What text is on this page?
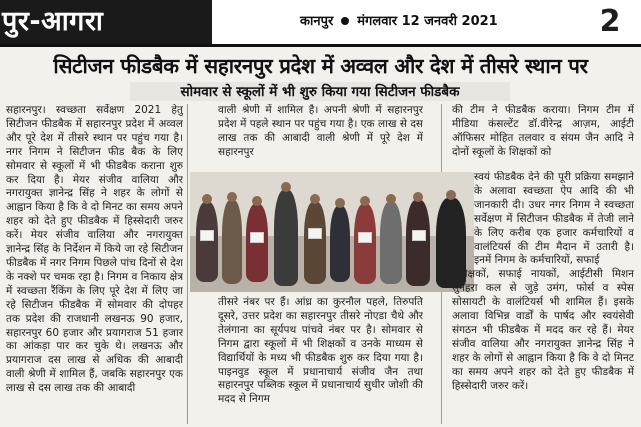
पुर-आगरा	कानपुर मंगलवार 12 जनवरी 2021	2
सिटीजन फीडबैक में सहारनपुर प्रदेश में अव्वल और देश में तीसरे स्थान पर
सोमवार से स्कूलों में भी शुरु किया गया सिटीजन फीडबैक

सहारनपुर। स्वच्छता सर्वेक्षण 2021 हेतु सिटीजन फीडबैक में सहारनपुर प्रदेश में अव्वल और पूरे देश में तीसरे स्थान पर पहुंच गया है। नगर निगम ने सिटीजन फीड बैक के लिए सोमवार से स्कूलों में भी फीडबैक कराना शुरु कर दिया है। मेयर संजीव वालिया और नगरायुक्त ज्ञानेन्द्र सिंह ने शहर के लोगों से आह्वान किया है कि वे दो मिनट का समय अपने शहर को देते हुए फीडबैक में हिस्सेदारी जरुर करें। मेयर संजीव वालिया और नगरायुक्त ज्ञानेन्द्र सिंह के निर्देशन में किये जा रहे सिटीजन फीडबैक में नगर निगम पिछले पांच दिनों से देश के नक्शे पर चमक रहा है। निगम व निकाय क्षेत्र में स्वच्छता रैंकिंग के लिए पूरे देश में लिए जा रहे सिटीजन फीडबैक में सोमवार की दोपहर तक प्रदेश की राजधानी लखनऊ 90 हजार, सहारनपुर 60 हजार और प्रयागराज 51 हजार का आंकड़ा पार कर चुके थे। लखनऊ और प्रयागराज दस लाख से अधिक की आबादी वाली श्रेणी में शामिल हैं, जबकि सहारनपुर एक लाख से दस लाख तक की आबादी

वाली श्रेणी में शामिल है। अपनी श्रेणी में सहारनपुर प्रदेश में पहले स्थान पर पहुंच गया है। एक लाख से दस लाख तक की आबादी वाली श्रेणी में पूरे देश में सहारनपुर

की टीम ने फीडबैक कराया। निगम टीम में मीडिया कंसल्टेंट डॉ.वीरेन्द्र आज़म, आईटी ऑफिसर मोहित तलवार व संयम जैन आदि ने दोनों स्कूलों के शिक्षकों को

तीसरे नंबर पर हैं। आंध्र का कुरनौल पहले, तिरुपति दूसरे, उत्तर प्रदेश का सहारनपुर तीसरे नोएडा चैथे और तेलंगाना का सूर्यपथ पांचवे नंबर पर है। सोमवार से निगम द्वारा स्कूलों में भी शिक्षकों व उनके माध्यम से विद्यार्थियों के मध्य भी फीडबैक शुरु कर दिया गया है। पाइनवुड स्कूल में प्रधानाचार्य संजीव जैन तथा सहारनपुर पब्लिक स्कूल में प्रधानाचार्य सुधीर जोशी की मदद से निगम

स्वयं फीडबैक देने की पूरी प्रक्रिया समझाने के अलावा स्वच्छता ऐप आदि की भी जानकारी दी। उधर नगर निगम ने स्वच्छता सर्वेक्षण में सिटीजन फीडबैक में तेजी लाने के लिए करीब एक हजार कर्मचारियों व वालंटियर्स की टीम मैदान में उतारी है। इनमें निगम के कर्मचारियों, सफाई

निरीक्षकों, सफाई नायकों, आईटीसी मिशन सुनहरा कल से जुड़े उमंग, फोर्स व स्पेस सोसायटी के वालंटियर्स भी शामिल हैं। इसके अलावा विभिन्न वार्डों के पार्षद और स्वयंसेवी संगठन भी फीडबैक में मदद कर रहे हैं। मेयर संजीव वालिया और नगरायुक्त ज्ञानेन्द्र सिंह ने शहर के लोगों से आह्वान किया है कि वे दो मिनट का समय अपने शहर को देते हुए फीडबैक में हिस्सेदारी जरुर करें।
